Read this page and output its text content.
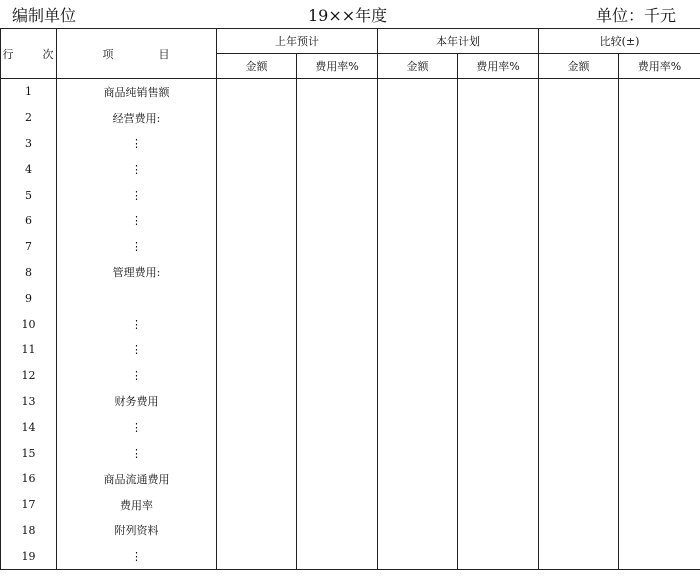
编制单位	19××年度	单位：千元
行 次	项 目	上年预计		本年计划		比较(±)	
		金额	费用率%	金额	费用率%	金额	费用率%
1	商品纯销售额						
2	经营费用:						
3	⋮						
4	⋮						
5	⋮						
6	⋮						
7	⋮						
8	管理费用:						
9							
10	⋮						
11	⋮						
12	⋮						
13	财务费用						
14	⋮						
15	⋮						
16	商品流通费用						
17	费用率						
18	附列资料						
19	⋮						
